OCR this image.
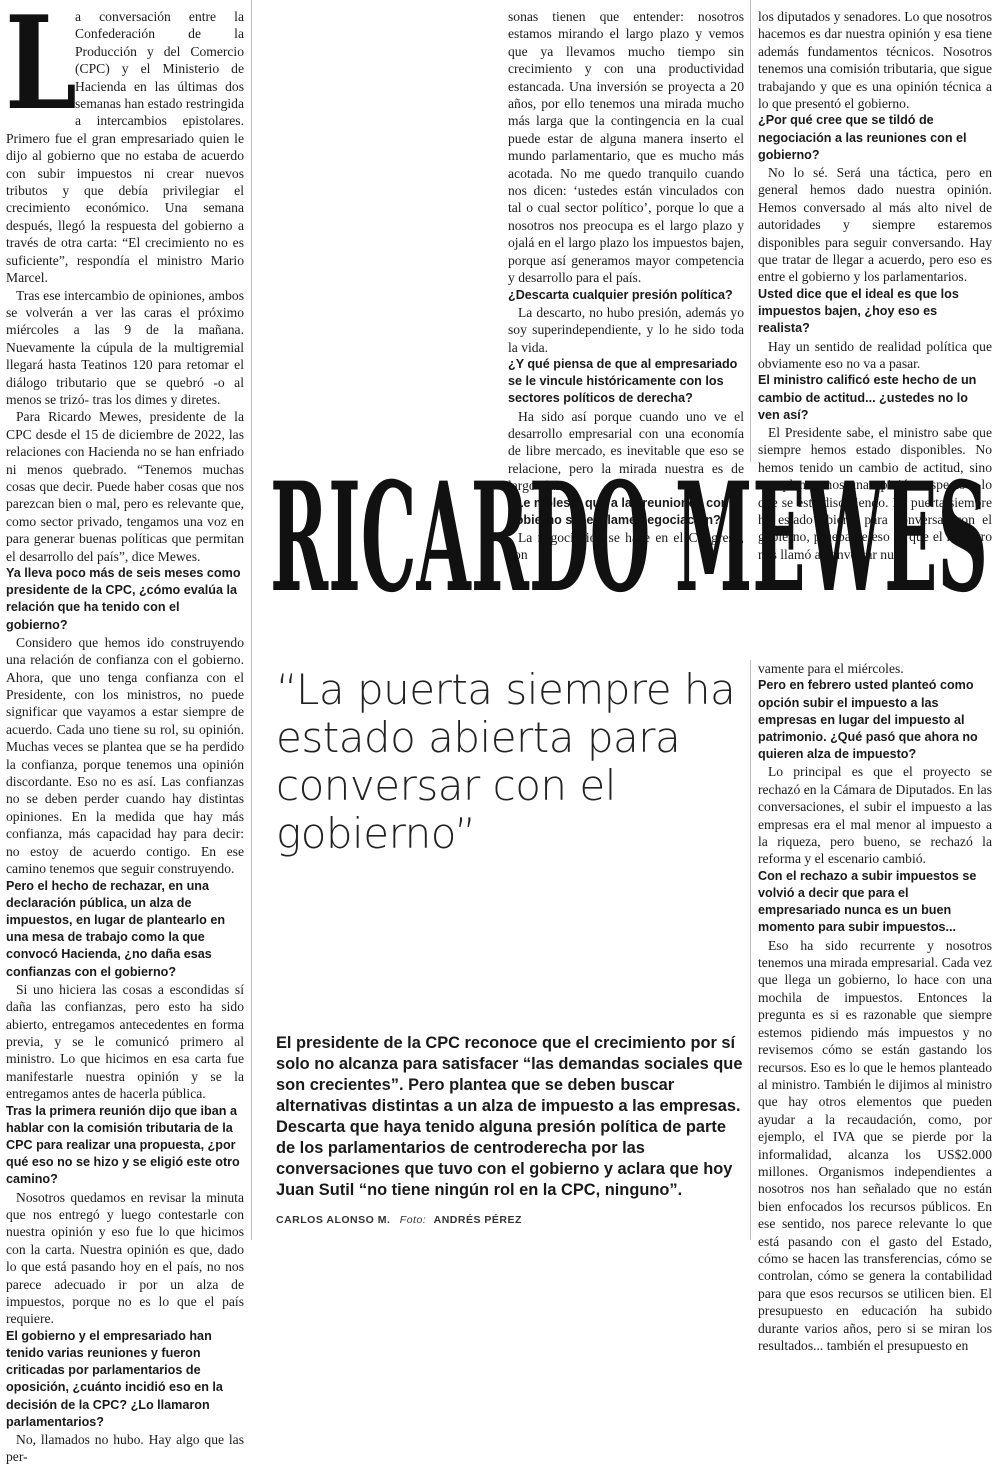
La conversación entre la Confederación de la Producción y del Comercio (CPC) y el Ministerio de Hacienda en las últimas dos semanas han estado restringida a intercambios epistolares. Primero fue el gran empresariado quien le dijo al gobierno que no estaba de acuerdo con subir impuestos ni crear nuevos tributos y que debía privilegiar el crecimiento económico. Una semana después, llegó la respuesta del gobierno a través de otra carta: “El crecimiento no es suficiente”, respondía el ministro Mario Marcel.

Tras ese intercambio de opiniones, ambos se volverán a ver las caras el próximo miércoles a las 9 de la mañana. Nuevamente la cúpula de la multigremial llegará hasta Teatinos 120 para retomar el diálogo tributario que se quebró -o al menos se trizó- tras los dimes y diretes.

Para Ricardo Mewes, presidente de la CPC desde el 15 de diciembre de 2022, las relaciones con Hacienda no se han enfriado ni menos quebrado. “Tenemos muchas cosas que decir. Puede haber cosas que nos parezcan bien o mal, pero es relevante que, como sector privado, tengamos una voz en para generar buenas políticas que permitan el desarrollo del país”, dice Mewes.

Ya lleva poco más de seis meses como presidente de la CPC, ¿cómo evalúa la relación que ha tenido con el gobierno?

Considero que hemos ido construyendo una relación de confianza con el gobierno. Ahora, que uno tenga confianza con el Presidente, con los ministros, no puede significar que vayamos a estar siempre de acuerdo. Cada uno tiene su rol, su opinión. Muchas veces se plantea que se ha perdido la confianza, porque tenemos una opinión discordante. Eso no es así. Las confianzas no se deben perder cuando hay distintas opiniones. En la medida que hay más confianza, más capacidad hay para decir: no estoy de acuerdo contigo. En ese camino tenemos que seguir construyendo.

Pero el hecho de rechazar, en una declaración pública, un alza de impuestos, en lugar de plantearlo en una mesa de trabajo como la que convocó Hacienda, ¿no daña esas confianzas con el gobierno?

Si uno hiciera las cosas a escondidas sí daña las confianzas, pero esto ha sido abierto, entregamos antecedentes en forma previa, y se le comunicó primero al ministro. Lo que hicimos en esa carta fue manifestarle nuestra opinión y se la entregamos antes de hacerla pública.

Tras la primera reunión dijo que iban a hablar con la comisión tributaria de la CPC para realizar una propuesta, ¿por qué eso no se hizo y se eligió este otro camino?

Nosotros quedamos en revisar la minuta que nos entregó y luego contestarle con nuestra opinión y eso fue lo que hicimos con la carta. Nuestra opinión es que, dado lo que está pasando hoy en el país, no nos parece adecuado ir por un alza de impuestos, porque no es lo que el país requiere.

El gobierno y el empresariado han tenido varias reuniones y fueron criticadas por parlamentarios de oposición, ¿cuánto incidió eso en la decisión de la CPC? ¿Lo llamaron parlamentarios?

No, llamados no hubo. Hay algo que las per-

sonas tienen que entender: nosotros estamos mirando el largo plazo y vemos que ya llevamos mucho tiempo sin crecimiento y con una productividad estancada. Una inversión se proyecta a 20 años, por ello tenemos una mirada mucho más larga que la contingencia en la cual puede estar de alguna manera inserto el mundo parlamentario, que es mucho más acotada. No me quedo tranquilo cuando nos dicen: ‘ustedes están vinculados con tal o cual sector político’, porque lo que a nosotros nos preocupa es el largo plazo y ojalá en el largo plazo los impuestos bajen, porque así generamos mayor competencia y desarrollo para el país.

¿Descarta cualquier presión política?

La descarto, no hubo presión, además yo soy superindependiente, y lo he sido toda la vida.

¿Y qué piensa de que al empresariado se le vincule históricamente con los sectores políticos de derecha?

Ha sido así porque cuando uno ve el desarrollo empresarial con una economía de libre mercado, es inevitable que eso se relacione, pero la mirada nuestra es de largo plazo.

¿Le molesta que a las reuniones con el gobierno se les llame negociación?

La negociación se hace en el Congreso, con

los diputados y senadores. Lo que nosotros hacemos es dar nuestra opinión y esa tiene además fundamentos técnicos. Nosotros tenemos una comisión tributaria, que sigue trabajando y que es una opinión técnica a lo que presentó el gobierno.

¿Por qué cree que se tildó de negociación a las reuniones con el gobierno?

No lo sé. Será una táctica, pero en general hemos dado nuestra opinión. Hemos conversado al más alto nivel de autoridades y siempre estaremos disponibles para seguir conversando. Hay que tratar de llegar a acuerdo, pero eso es entre el gobierno y los parlamentarios.

Usted dice que el ideal es que los impuestos bajen, ¿hoy eso es realista?

Hay un sentido de realidad política que obviamente eso no va a pasar.

El ministro calificó este hecho de un cambio de actitud... ¿ustedes no lo ven así?

El Presidente sabe, el ministro sabe que siempre hemos estado disponibles. No hemos tenido un cambio de actitud, sino que planteamos una opinión respecto a lo que se está discutiendo. La puerta siempre ha estado abierta para conversar con el gobierno, prueba de eso es que el ministro nos llamó a conversar nue-

RICARDO MEWES
“La puerta siempre ha estado abierta para conversar con el gobierno”

vamente para el miércoles.

Pero en febrero usted planteó como opción subir el impuesto a las empresas en lugar del impuesto al patrimonio. ¿Qué pasó que ahora no quieren alza de impuesto?

Lo principal es que el proyecto se rechazó en la Cámara de Diputados. En las conversaciones, el subir el impuesto a las empresas era el mal menor al impuesto a la riqueza, pero bueno, se rechazó la reforma y el escenario cambió.

Con el rechazo a subir impuestos se volvió a decir que para el empresariado nunca es un buen momento para subir impuestos...

Eso ha sido recurrente y nosotros tenemos una mirada empresarial. Cada vez que llega un gobierno, lo hace con una mochila de impuestos. Entonces la pregunta es si es razonable que siempre estemos pidiendo más impuestos y no revisemos cómo se están gastando los recursos. Eso es lo que le hemos planteado al ministro. También le dijimos al ministro que hay otros elementos que pueden ayudar a la recaudación, como, por ejemplo, el IVA que se pierde por la informalidad, alcanza los US$2.000 millones. Organismos independientes a nosotros nos han señalado que no están bien enfocados los recursos públicos. En ese sentido, nos parece relevante lo que está pasando con el gasto del Estado, cómo se hacen las transferencias, cómo se controlan, cómo se genera la contabilidad para que esos recursos se utilicen bien. El presupuesto en educación ha subido durante varios años, pero si se miran los resultados... también el presupuesto en

El presidente de la CPC reconoce que el crecimiento por sí solo no alcanza para satisfacer “las demandas sociales que son crecientes”. Pero plantea que se deben buscar alternativas distintas a un alza de impuesto a las empresas. Descarta que haya tenido alguna presión política de parte de los parlamentarios de centroderecha por las conversaciones que tuvo con el gobierno y aclara que hoy Juan Sutil “no tiene ningún rol en la CPC, ninguno”.
CARLOS ALONSO M. Foto: ANDRÉS PÉREZ
